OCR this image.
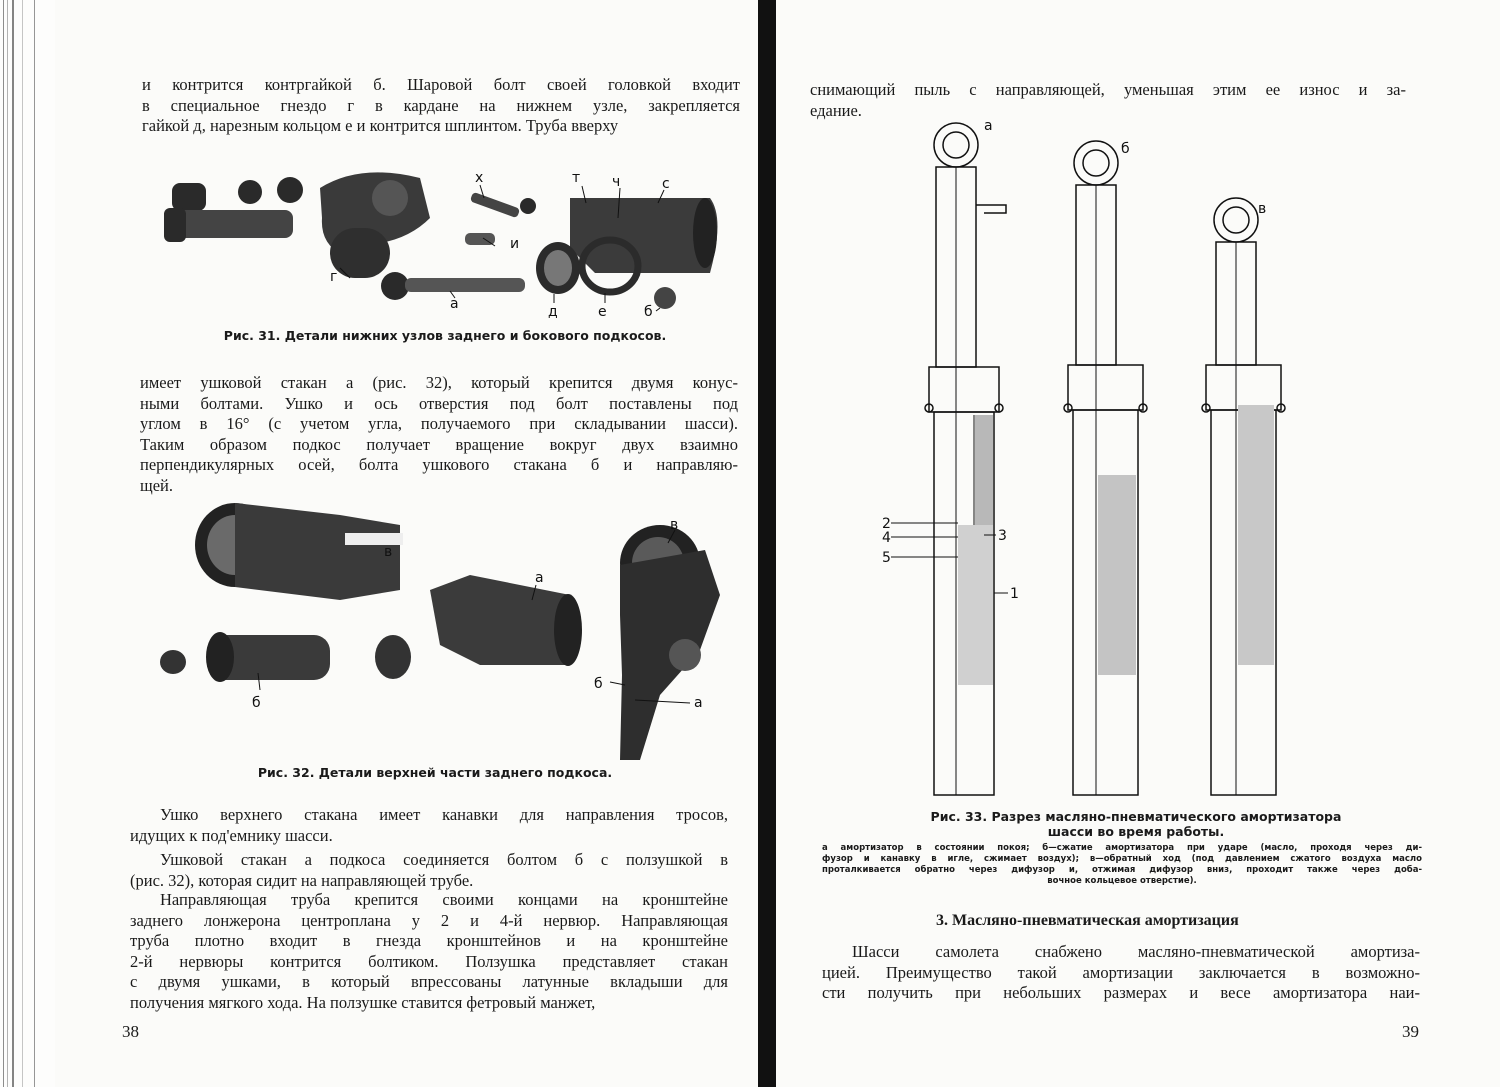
и контрится контргайкой б. Шаровой болт своей головкой входит
в специальное гнездо г в кардане на нижнем узле, закрепляется
гайкой д, нарезным кольцом е и контрится шплинтом. Труба вверху
х	т ч	с
и
г
а	д	е	б
Рис. 31. Детали нижних узлов заднего и бокового подкосов.
имеет ушковой стакан а (рис. 32), который крепится двумя конус-
ными болтами. Ушко и ось отверстия под болт поставлены под
углом в 16° (с учетом угла, получаемого при складывании шасси).
Таким образом подкос получает вращение вокруг двух взаимно
перпендикулярных осей, болта ушкового стакана б и направляю-
щей.
в
а
в
б
б
а
Рис. 32. Детали верхней части заднего подкоса.
Ушко верхнего стакана имеет канавки для направления тросов,
идущих к под'емнику шасси.
Ушковой стакан а подкоса соединяется болтом б с ползушкой в
(рис. 32), которая сидит на направляющей трубе.
Направляющая труба крепится своими концами на кронштейне
заднего лонжерона центроплана у 2 и 4-й нервюр. Направляющая
труба плотно входит в гнезда кронштейнов и на кронштейне
2-й нервюры контрится болтиком. Ползушка представляет стакан
с двумя ушками, в который впрессованы латунные вкладыши для
получения мягкого хода. На ползушке ставится фетровый манжет,
38
снимающий пыль с направляющей, уменьшая этим ее износ и за-
едание.
а
б
в
2
4
5
3
1
Рис. 33. Разрез масляно-пневматического амортизатора
шасси во время работы.
а амортизатор в состоянии покоя; б—сжатие амортизатора при ударе (масло, проходя через ди-
фузор и канавку в игле, сжимает воздух); в—обратный ход (под давлением сжатого воздуха масло
проталкивается обратно через дифузор и, отжимая дифузор вниз, проходит также через доба-
вочное кольцевое отверстие).
3. Масляно-пневматическая амортизация
Шасси самолета снабжено масляно-пневматической амортиза-
цией. Преимущество такой амортизации заключается в возможно-
сти получить при небольших размерах и весе амортизатора наи-
39
